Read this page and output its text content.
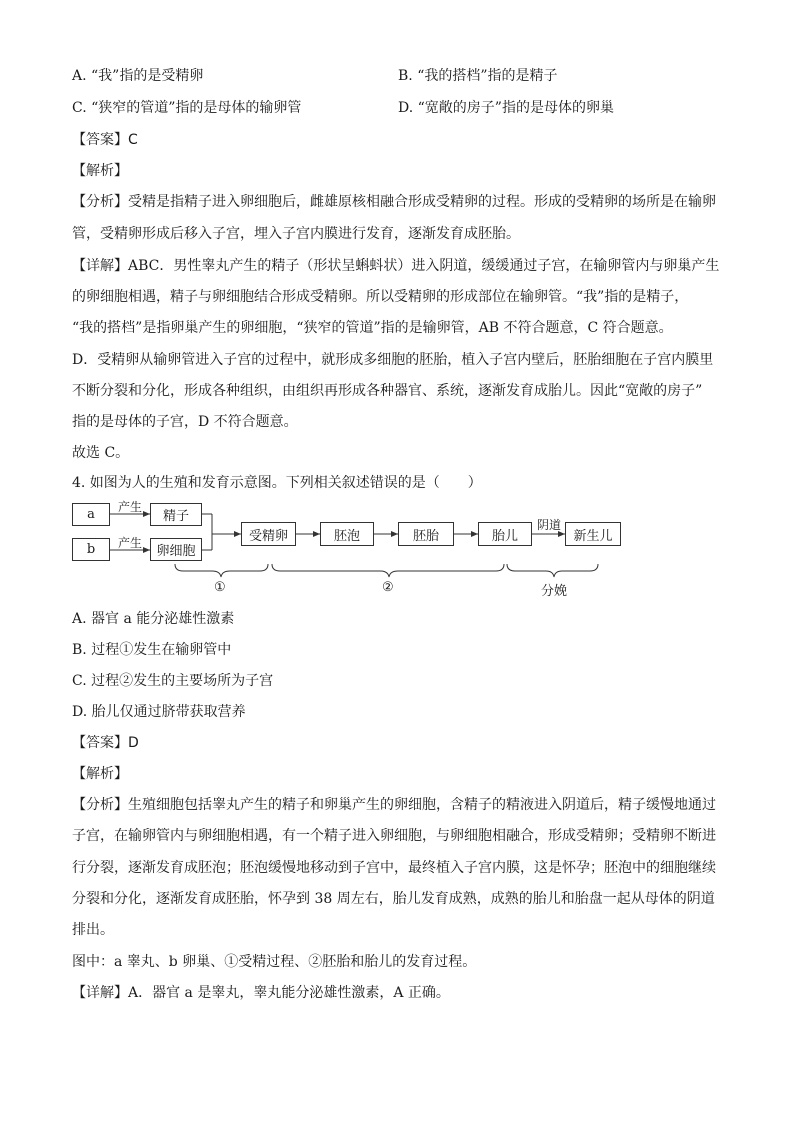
A. “我”指的是受精卵	B. “我的搭档”指的是精子
C. “狭窄的管道”指的是母体的输卵管	D. “宽敞的房子”指的是母体的卵巢
【答案】C
【解析】
【分析】受精是指精子进入卵细胞后，雌雄原核相融合形成受精卵的过程。形成的受精卵的场所是在输卵
管，受精卵形成后移入子宫，埋入子宫内膜进行发育，逐渐发育成胚胎。
【详解】ABC．男性睾丸产生的精子（形状呈蝌蚪状）进入阴道，缓缓通过子宫，在输卵管内与卵巢产生
的卵细胞相遇，精子与卵细胞结合形成受精卵。所以受精卵的形成部位在输卵管。“我”指的是精子，
“我的搭档”是指卵巢产生的卵细胞，“狭窄的管道”指的是输卵管，AB 不符合题意，C 符合题意。
D．受精卵从输卵管进入子宫的过程中，就形成多细胞的胚胎，植入子宫内壁后，胚胎细胞在子宫内膜里
不断分裂和分化，形成各种组织，由组织再形成各种器官、系统，逐渐发育成胎儿。因此“宽敞的房子”
指的是母体的子宫，D 不符合题意。
故选 C。
4. 如图为人的生殖和发育示意图。下列相关叙述错误的是（　　）
a
b
产生
产生
精子
卵细胞
受精卵	胚泡	胚胎	胎儿
阴道
新生儿
①	②	分娩
A. 器官 a 能分泌雄性激素
B. 过程①发生在输卵管中
C. 过程②发生的主要场所为子宫
D. 胎儿仅通过脐带获取营养
【答案】D
【解析】
【分析】生殖细胞包括睾丸产生的精子和卵巢产生的卵细胞，含精子的精液进入阴道后，精子缓慢地通过
子宫，在输卵管内与卵细胞相遇，有一个精子进入卵细胞，与卵细胞相融合，形成受精卵；受精卵不断进
行分裂，逐渐发育成胚泡；胚泡缓慢地移动到子宫中，最终植入子宫内膜，这是怀孕；胚泡中的细胞继续
分裂和分化，逐渐发育成胚胎，怀孕到 38 周左右，胎儿发育成熟，成熟的胎儿和胎盘一起从母体的阴道
排出。
图中：a 睾丸、b 卵巢、①受精过程、②胚胎和胎儿的发育过程。
【详解】A．器官 a 是睾丸，睾丸能分泌雄性激素，A 正确。
